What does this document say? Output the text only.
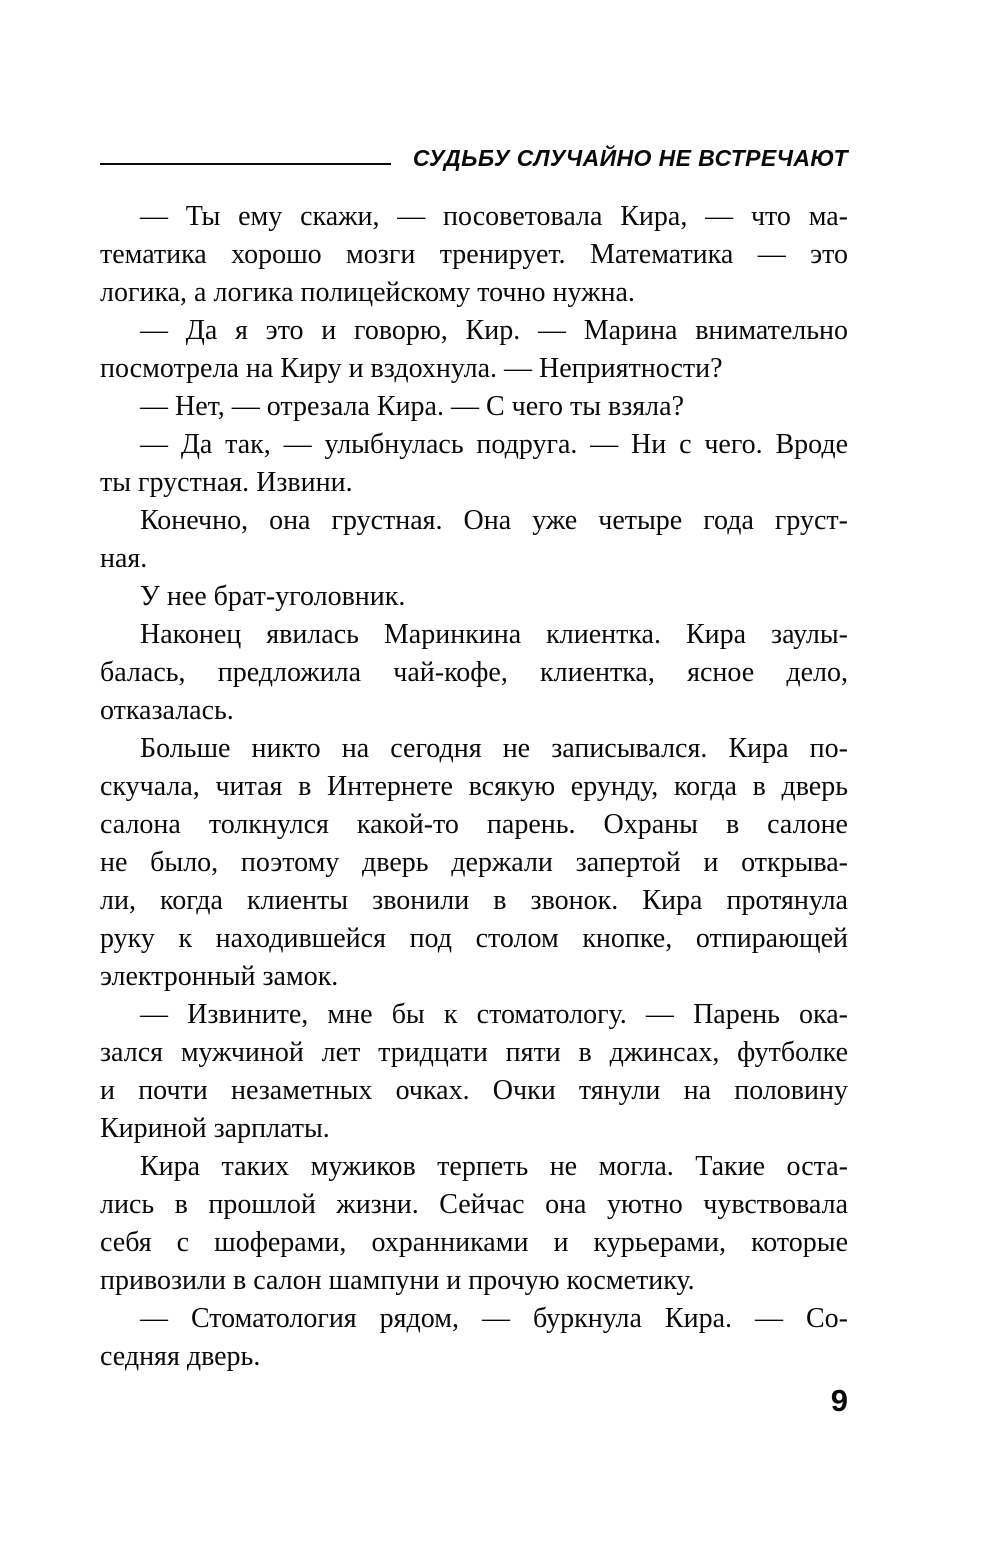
СУДЬБУ СЛУЧАЙНО НЕ ВСТРЕЧАЮТ
— Ты ему скажи, — посоветовала Кира, — что ма-
тематика хорошо мозги тренирует. Математика — это
логика, а логика полицейскому точно нужна.
— Да я это и говорю, Кир. — Марина внимательно
посмотрела на Киру и вздохнула. — Неприятности?
— Нет, — отрезала Кира. — С чего ты взяла?
— Да так, — улыбнулась подруга. — Ни с чего. Вроде
ты грустная. Извини.
Конечно, она грустная. Она уже четыре года груст-
ная.
У нее брат-уголовник.
Наконец явилась Маринкина клиентка. Кира заулы-
балась, предложила чай-кофе, клиентка, ясное дело,
отказалась.
Больше никто на сегодня не записывался. Кира по-
скучала, читая в Интернете всякую ерунду, когда в дверь
салона толкнулся какой-то парень. Охраны в салоне
не было, поэтому дверь держали запертой и открыва-
ли, когда клиенты звонили в звонок. Кира протянула
руку к находившейся под столом кнопке, отпирающей
электронный замок.
— Извините, мне бы к стоматологу. — Парень ока-
зался мужчиной лет тридцати пяти в джинсах, футболке
и почти незаметных очках. Очки тянули на половину
Кириной зарплаты.
Кира таких мужиков терпеть не могла. Такие оста-
лись в прошлой жизни. Сейчас она уютно чувствовала
себя с шоферами, охранниками и курьерами, которые
привозили в салон шампуни и прочую косметику.
— Стоматология рядом, — буркнула Кира. — Со-
седняя дверь.
9
